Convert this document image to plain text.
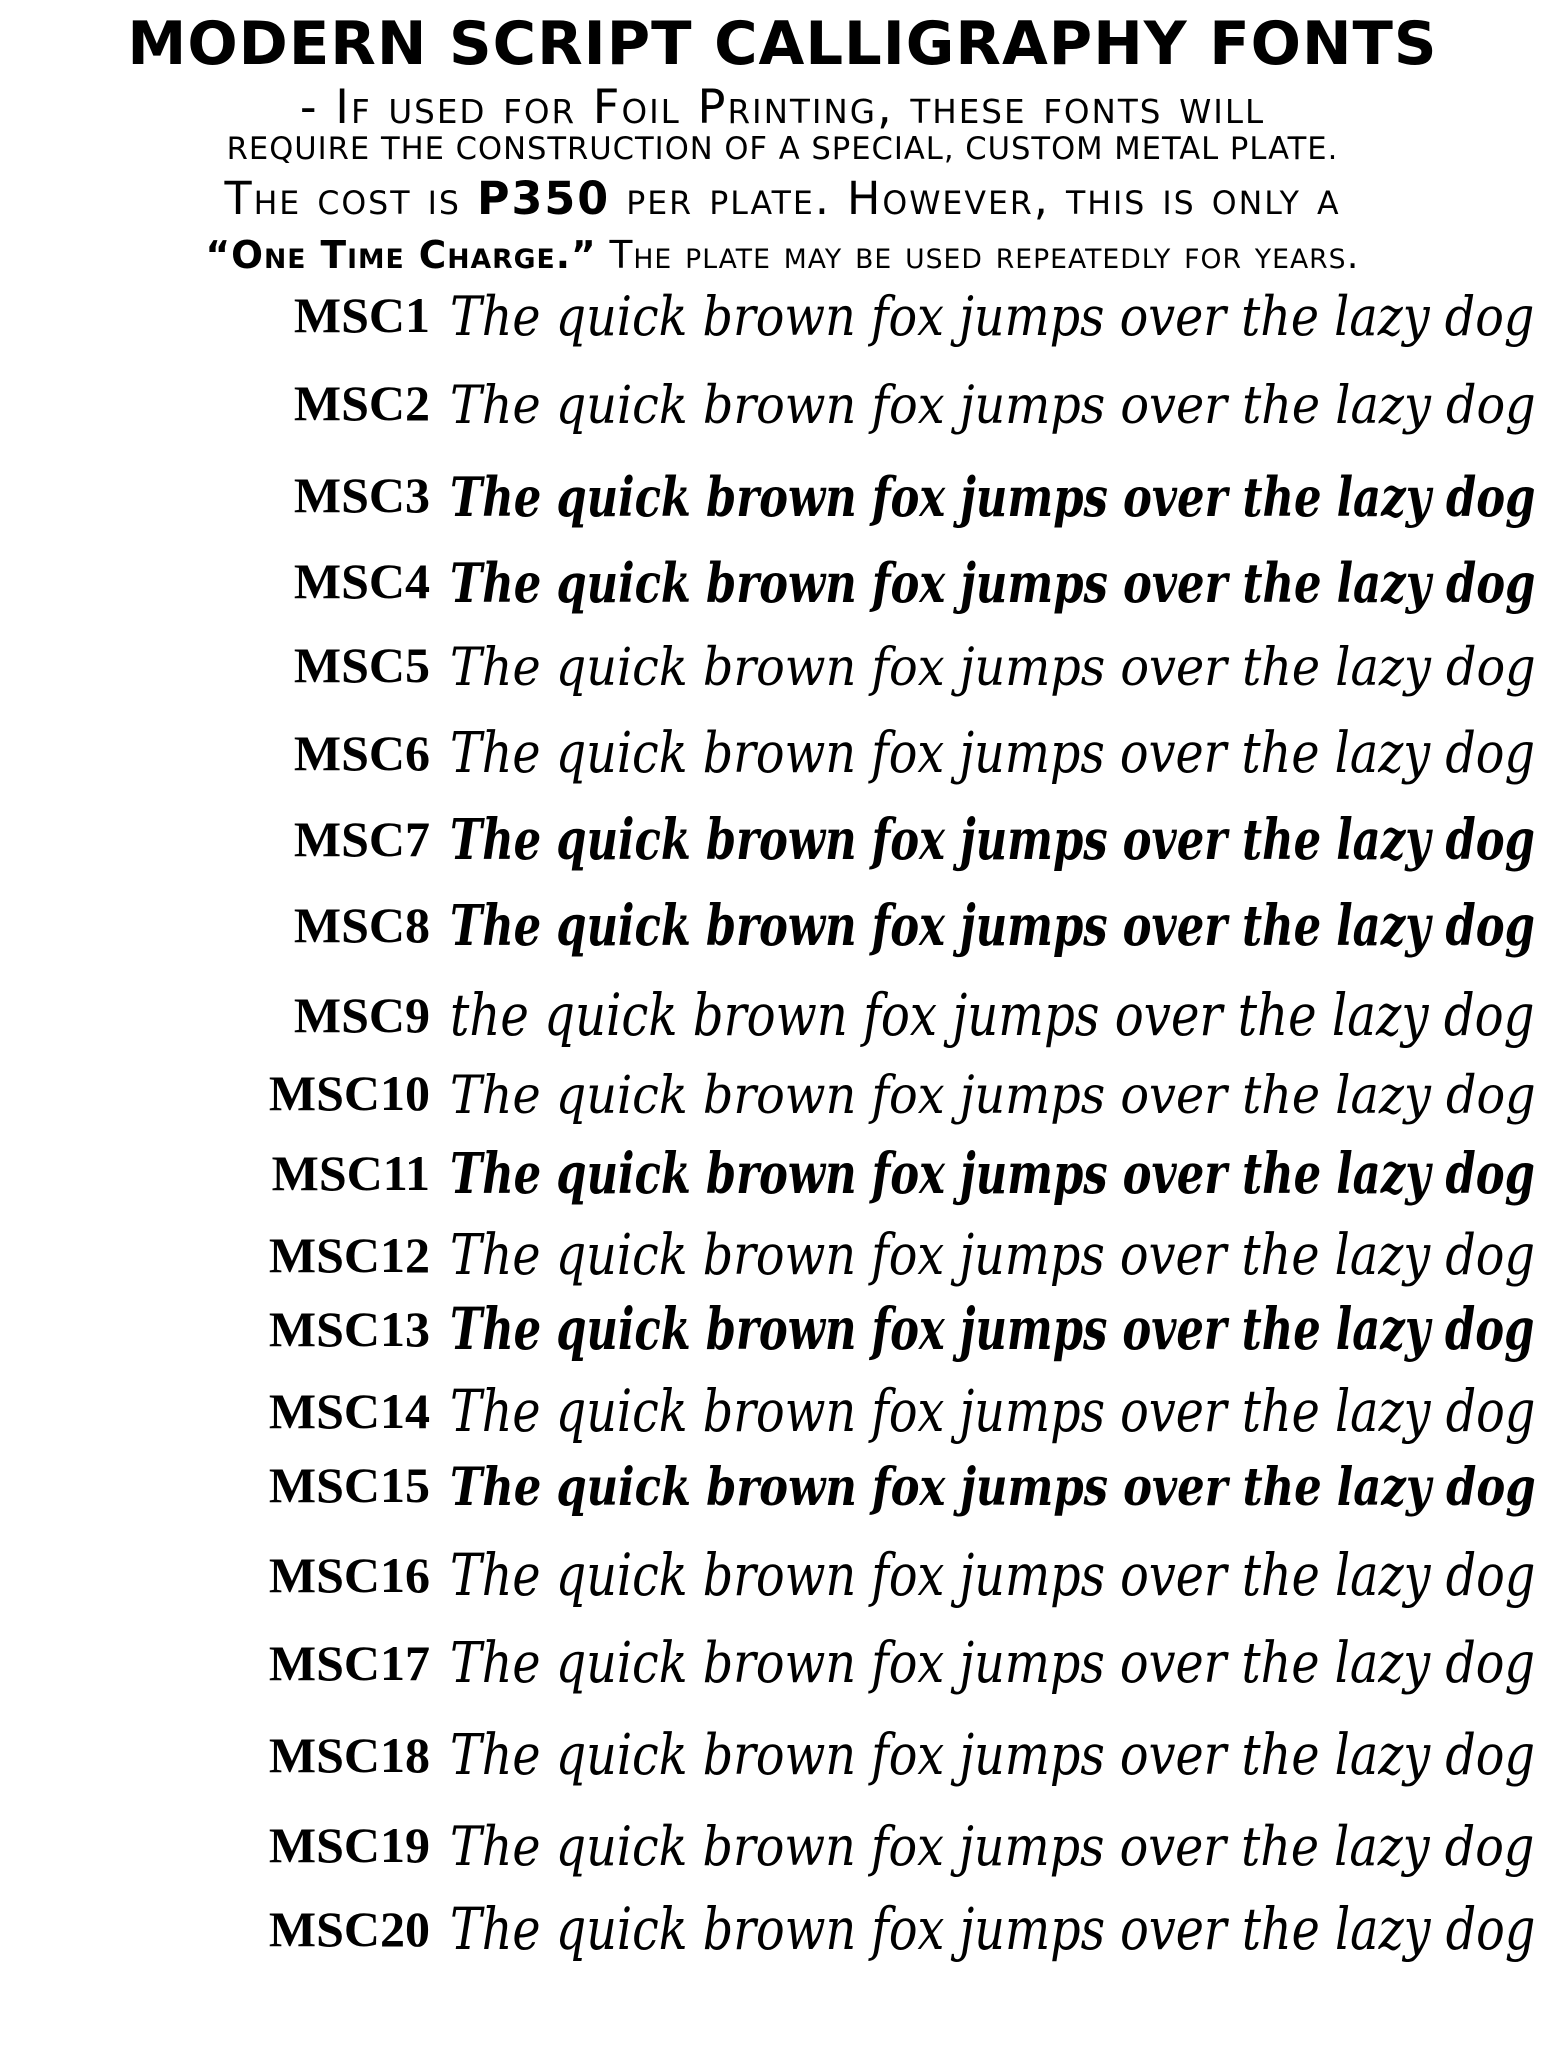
MODERN SCRIPT CALLIGRAPHY FONTS
- If used for Foil Printing, these fonts will
REQUIRE THE CONSTRUCTION OF A SPECIAL, CUSTOM METAL PLATE.
The cost is P350 per plate. However, this is only a
“One Time Charge.” The plate may be used repeatedly for years.
MSC1 The quick brown fox jumps over the lazy dog
MSC2 The quick brown fox jumps over the lazy dog
MSC3 The quick brown fox jumps over the lazy dog
MSC4 The quick brown fox jumps over the lazy dog
MSC5 The quick brown fox jumps over the lazy dog
MSC6 The quick brown fox jumps over the lazy dog
MSC7 The quick brown fox jumps over the lazy dog
MSC8 The quick brown fox jumps over the lazy dog
MSC9 the quick brown fox jumps over the lazy dog
MSC10 The quick brown fox jumps over the lazy dog
MSC11 The quick brown fox jumps over the lazy dog
MSC12 The quick brown fox jumps over the lazy dog
MSC13 The quick brown fox jumps over the lazy dog
MSC14 The quick brown fox jumps over the lazy dog
MSC15 The quick brown fox jumps over the lazy dog
MSC16 The quick brown fox jumps over the lazy dog
MSC17 The quick brown fox jumps over the lazy dog
MSC18 The quick brown fox jumps over the lazy dog
MSC19 The quick brown fox jumps over the lazy dog
MSC20 The quick brown fox jumps over the lazy dog
